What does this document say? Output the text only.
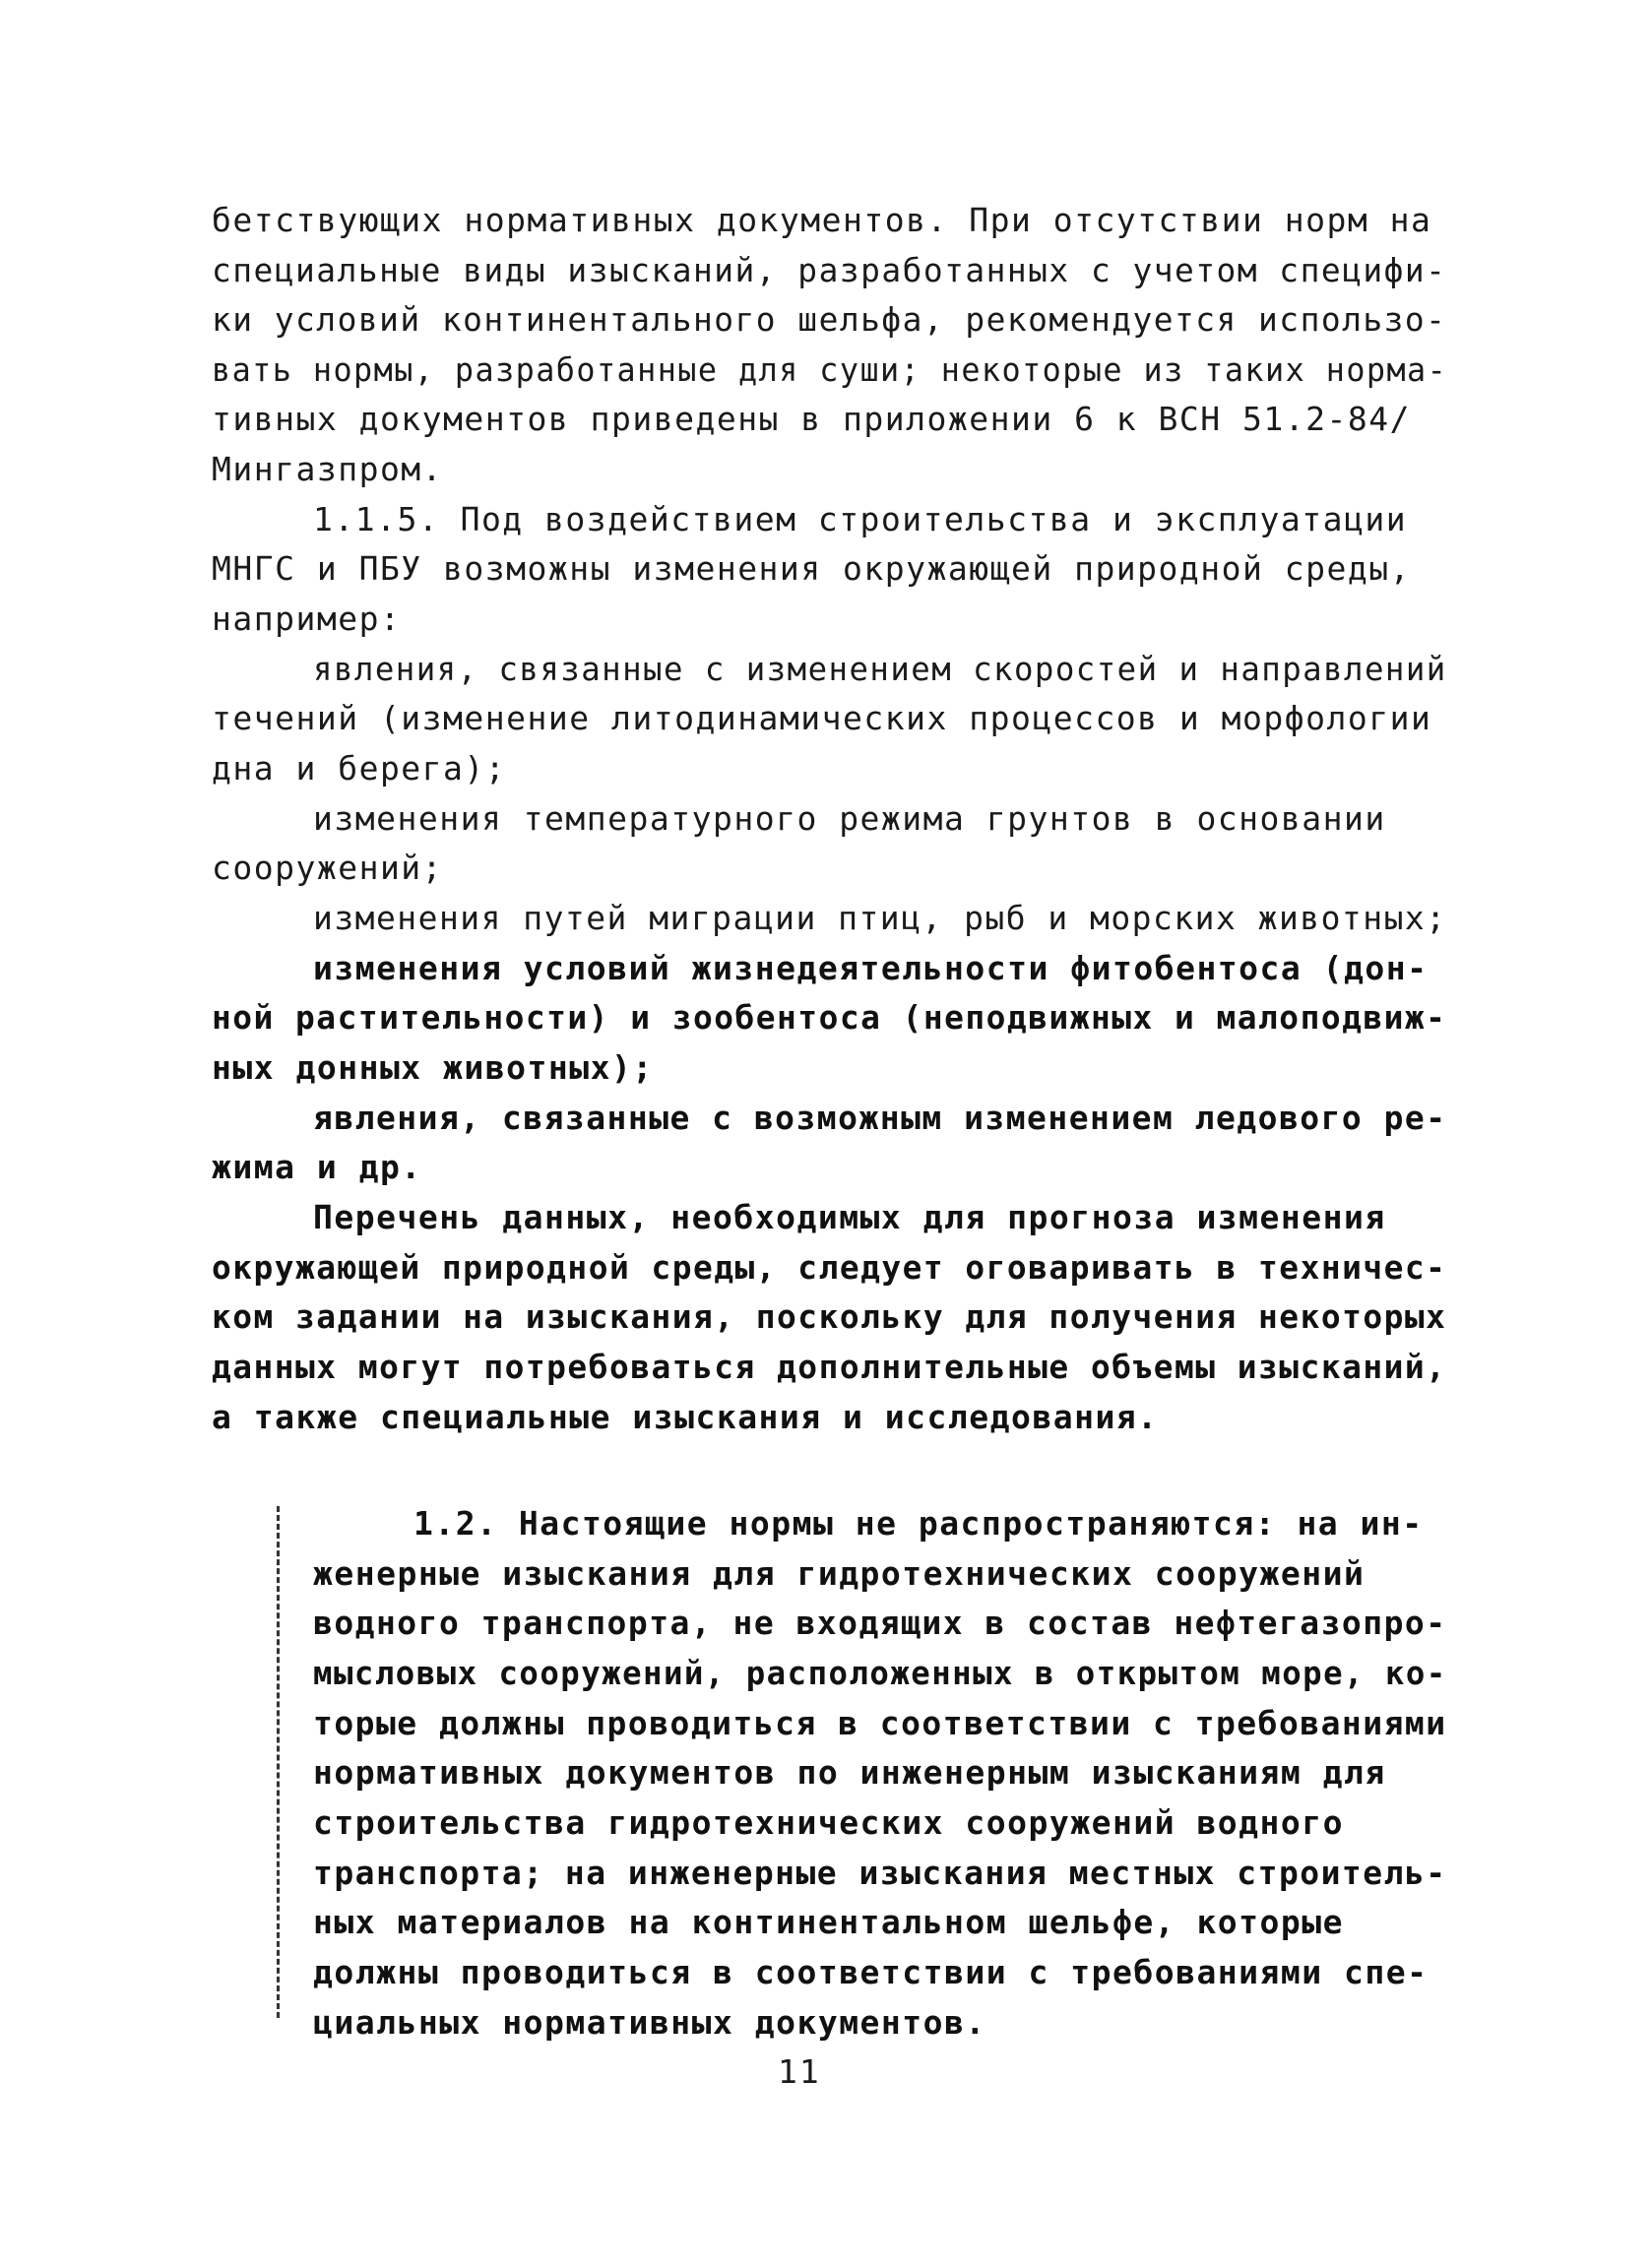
бетствующих нормативных документов. При отсутствии норм на
специальные виды изысканий, разработанных с учетом специфи-
ки условий континентального шельфа, рекомендуется использо-
вать нормы, разработанные для суши; некоторые из таких норма-
тивных документов приведены в приложении 6 к ВСН 51.2-84/
Мингазпром.
1.1.5. Под воздействием строительства и эксплуатации
МНГС и ПБУ возможны изменения окружающей природной среды,
например:
явления, связанные с изменением скоростей и направлений
течений (изменение литодинамических процессов и морфологии
дна и берега);
изменения температурного режима грунтов в основании
сооружений;
изменения путей миграции птиц, рыб и морских животных;
изменения условий жизнедеятельности фитобентоса (дон-
ной растительности) и зообентоса (неподвижных и малоподвиж-
ных донных животных);
явления, связанные с возможным изменением ледового ре-
жима и др.
Перечень данных, необходимых для прогноза изменения
окружающей природной среды, следует оговаривать в техничес-
ком задании на изыскания, поскольку для получения некоторых
данных могут потребоваться дополнительные объемы изысканий,
а также специальные изыскания и исследования.
1.2. Настоящие нормы не распространяются: на ин-
женерные изыскания для гидротехнических сооружений
водного транспорта, не входящих в состав нефтегазопро-
мысловых сооружений, расположенных в открытом море, ко-
торые должны проводиться в соответствии с требованиями
нормативных документов по инженерным изысканиям для
строительства гидротехнических сооружений водного
транспорта; на инженерные изыскания местных строитель-
ных материалов на континентальном шельфе, которые
должны проводиться в соответствии с требованиями спе-
циальных нормативных документов.
11
